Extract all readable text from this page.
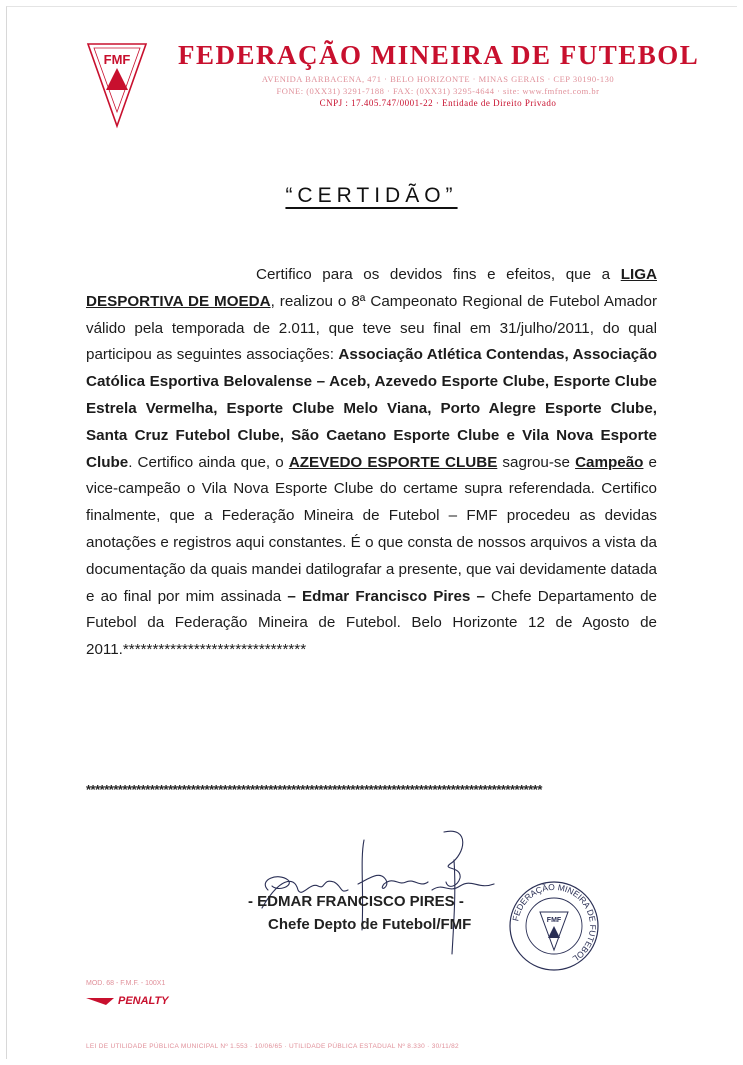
FMF FEDERAÇÃO MINEIRA DE FUTEBOL
AVENIDA BARBACENA, 471 · BELO HORIZONTE · MINAS GERAIS · CEP 30190-130
FONE: (0XX31) 3291-7188 · FAX: (0XX31) 3295-4644 · site: www.fmfnet.com.br
CNPJ : 17.405.747/0001-22 · Entidade de Direito Privado
“CERTIDÃO”
Certifico para os devidos fins e efeitos, que a LIGA DESPORTIVA DE MOEDA, realizou o 8ª Campeonato Regional de Futebol Amador válido pela temporada de 2.011, que teve seu final em 31/julho/2011, do qual participou as seguintes associações: Associação Atlética Contendas, Associação Católica Esportiva Belovalense – Aceb, Azevedo Esporte Clube, Esporte Clube Estrela Vermelha, Esporte Clube Melo Viana, Porto Alegre Esporte Clube, Santa Cruz Futebol Clube, São Caetano Esporte Clube e Vila Nova Esporte Clube. Certifico ainda que, o AZEVEDO ESPORTE CLUBE sagrou-se Campeão e vice-campeão o Vila Nova Esporte Clube do certame supra referendada. Certifico finalmente, que a Federação Mineira de Futebol – FMF procedeu as devidas anotações e registros aqui constantes. É o que consta de nossos arquivos a vista da documentação da quais mandei datilografar a presente, que vai devidamente datada e ao final por mim assinada – Edmar Francisco Pires – Chefe Departamento de Futebol da Federação Mineira de Futebol. Belo Horizonte 12 de Agosto de 2011.*******************************
****************************************************************************************************
- EDMAR FRANCISCO PIRES -
Chefe Depto de Futebol/FMF	FEDERAÇÃO MINEIRA DE FUTEBOL
FMF
MOD. 68 - F.M.F. - 100X1
PENALTY
LEI DE UTILIDADE PÚBLICA MUNICIPAL Nº 1.553 · 10/06/65 · UTILIDADE PÚBLICA ESTADUAL Nº 8.330 · 30/11/82
